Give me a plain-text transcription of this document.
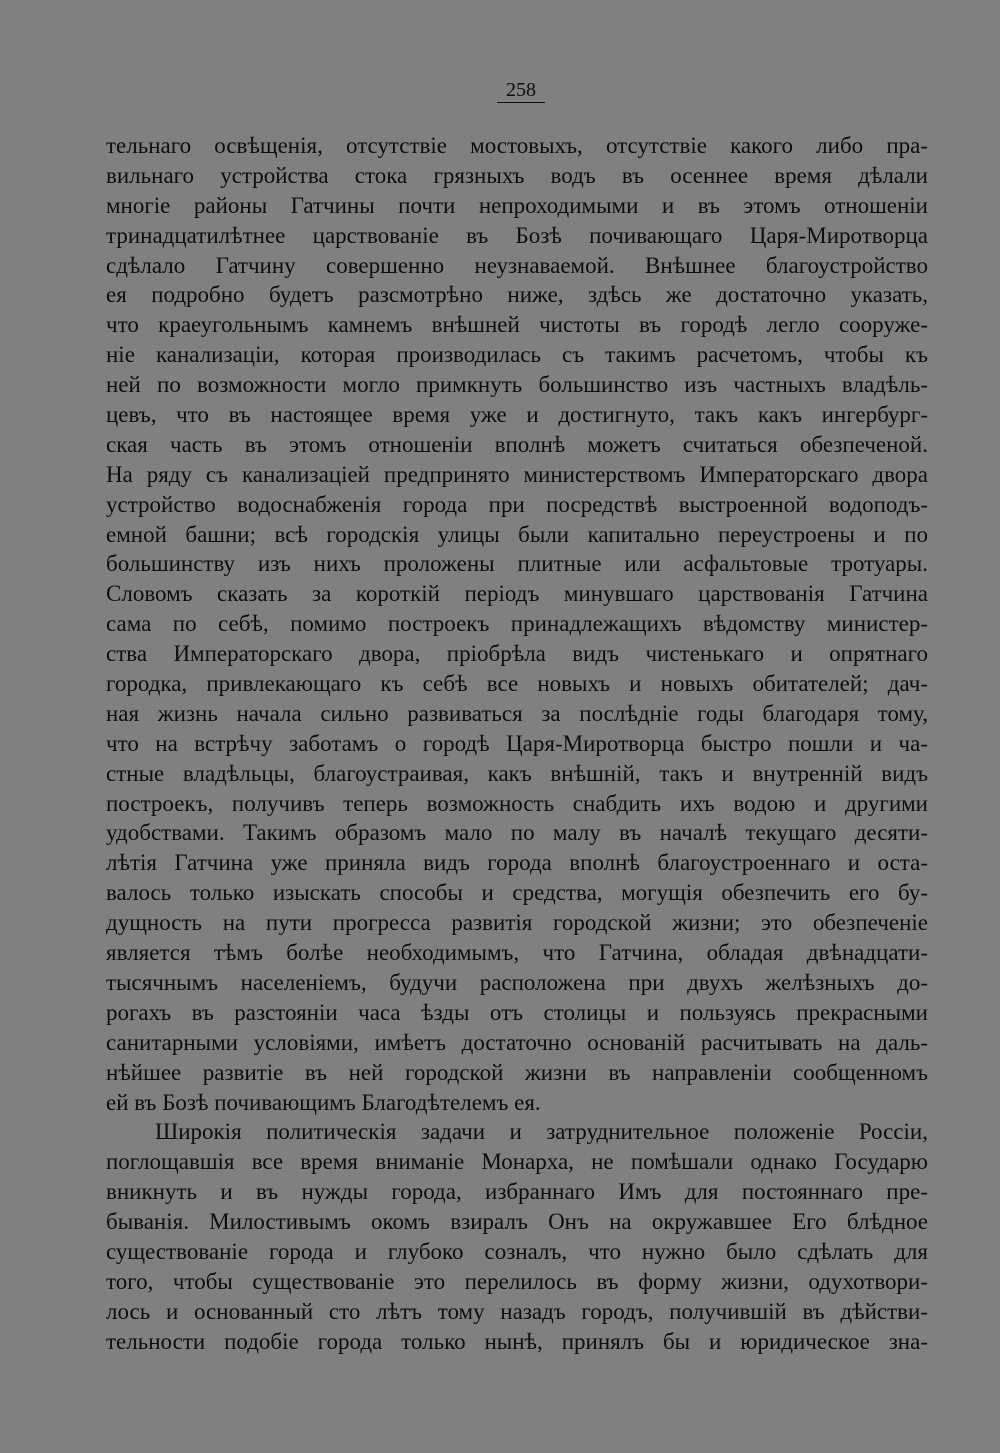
258
тельнаго освѣщенія, отсутствіе мостовыхъ, отсутствіе какого либо пра-
вильнаго устройства стока грязныхъ водъ въ осеннее время дѣлали
многіе районы Гатчины почти непроходимыми и въ этомъ отношеніи
тринадцатилѣтнее царствованіе въ Бозѣ почивающаго Царя-Миротворца
сдѣлало Гатчину совершенно неузнаваемой. Внѣшнее благоустройство
ея подробно будетъ разсмотрѣно ниже, здѣсь же достаточно указать,
что краеугольнымъ камнемъ внѣшней чистоты въ городѣ легло сооруже-
ніе канализаціи, которая производилась съ такимъ расчетомъ, чтобы къ
ней по возможности могло примкнуть большинство изъ частныхъ владѣль-
цевъ, что въ настоящее время уже и достигнуто, такъ какъ ингербург-
ская часть въ этомъ отношеніи вполнѣ можетъ считаться обезпеченой.
На ряду съ канализаціей предпринято министерствомъ Императорскаго двора
устройство водоснабженія города при посредствѣ выстроенной водоподъ-
емной башни; всѣ городскія улицы были капитально переустроены и по
большинству изъ нихъ проложены плитные или асфальтовые тротуары.
Словомъ сказать за короткій періодъ минувшаго царствованія Гатчина
сама по себѣ, помимо построекъ принадлежащихъ вѣдомству министер-
ства Императорскаго двора, пріобрѣла видъ чистенькаго и опрятнаго
городка, привлекающаго къ себѣ все новыхъ и новыхъ обитателей; дач-
ная жизнь начала сильно развиваться за послѣдніе годы благодаря тому,
что на встрѣчу заботамъ о городѣ Царя-Миротворца быстро пошли и ча-
стные владѣльцы, благоустраивая, какъ внѣшній, такъ и внутренній видъ
построекъ, получивъ теперь возможность снабдить ихъ водою и другими
удобствами. Такимъ образомъ мало по малу въ началѣ текущаго десяти-
лѣтія Гатчина уже приняла видъ города вполнѣ благоустроеннаго и оста-
валось только изыскать способы и средства, могущія обезпечить его бу-
дущность на пути прогресса развитія городской жизни; это обезпеченіе
является тѣмъ болѣе необходимымъ, что Гатчина, обладая двѣнадцати-
тысячнымъ населеніемъ, будучи расположена при двухъ желѣзныхъ до-
рогахъ въ разстояніи часа ѣзды отъ столицы и пользуясь прекрасными
санитарными условіями, имѣетъ достаточно основаній расчитывать на даль-
нѣйшее развитіе въ ней городской жизни въ направленіи сообщенномъ
ей въ Бозѣ почивающимъ Благодѣтелемъ ея.
Широкія политическія задачи и затруднительное положеніе Россіи,
поглощавшія все время вниманіе Монарха, не помѣшали однако Государю
вникнуть и въ нужды города, избраннаго Имъ для постояннаго пре-
быванія. Милостивымъ окомъ взиралъ Онъ на окружавшее Его блѣдное
существованіе города и глубоко созналъ, что нужно было сдѣлать для
того, чтобы существованіе это перелилось въ форму жизни, одухотвори-
лось и основанный сто лѣтъ тому назадъ городъ, получившій въ дѣйстви-
тельности подобіе города только нынѣ, принялъ бы и юридическое зна-
